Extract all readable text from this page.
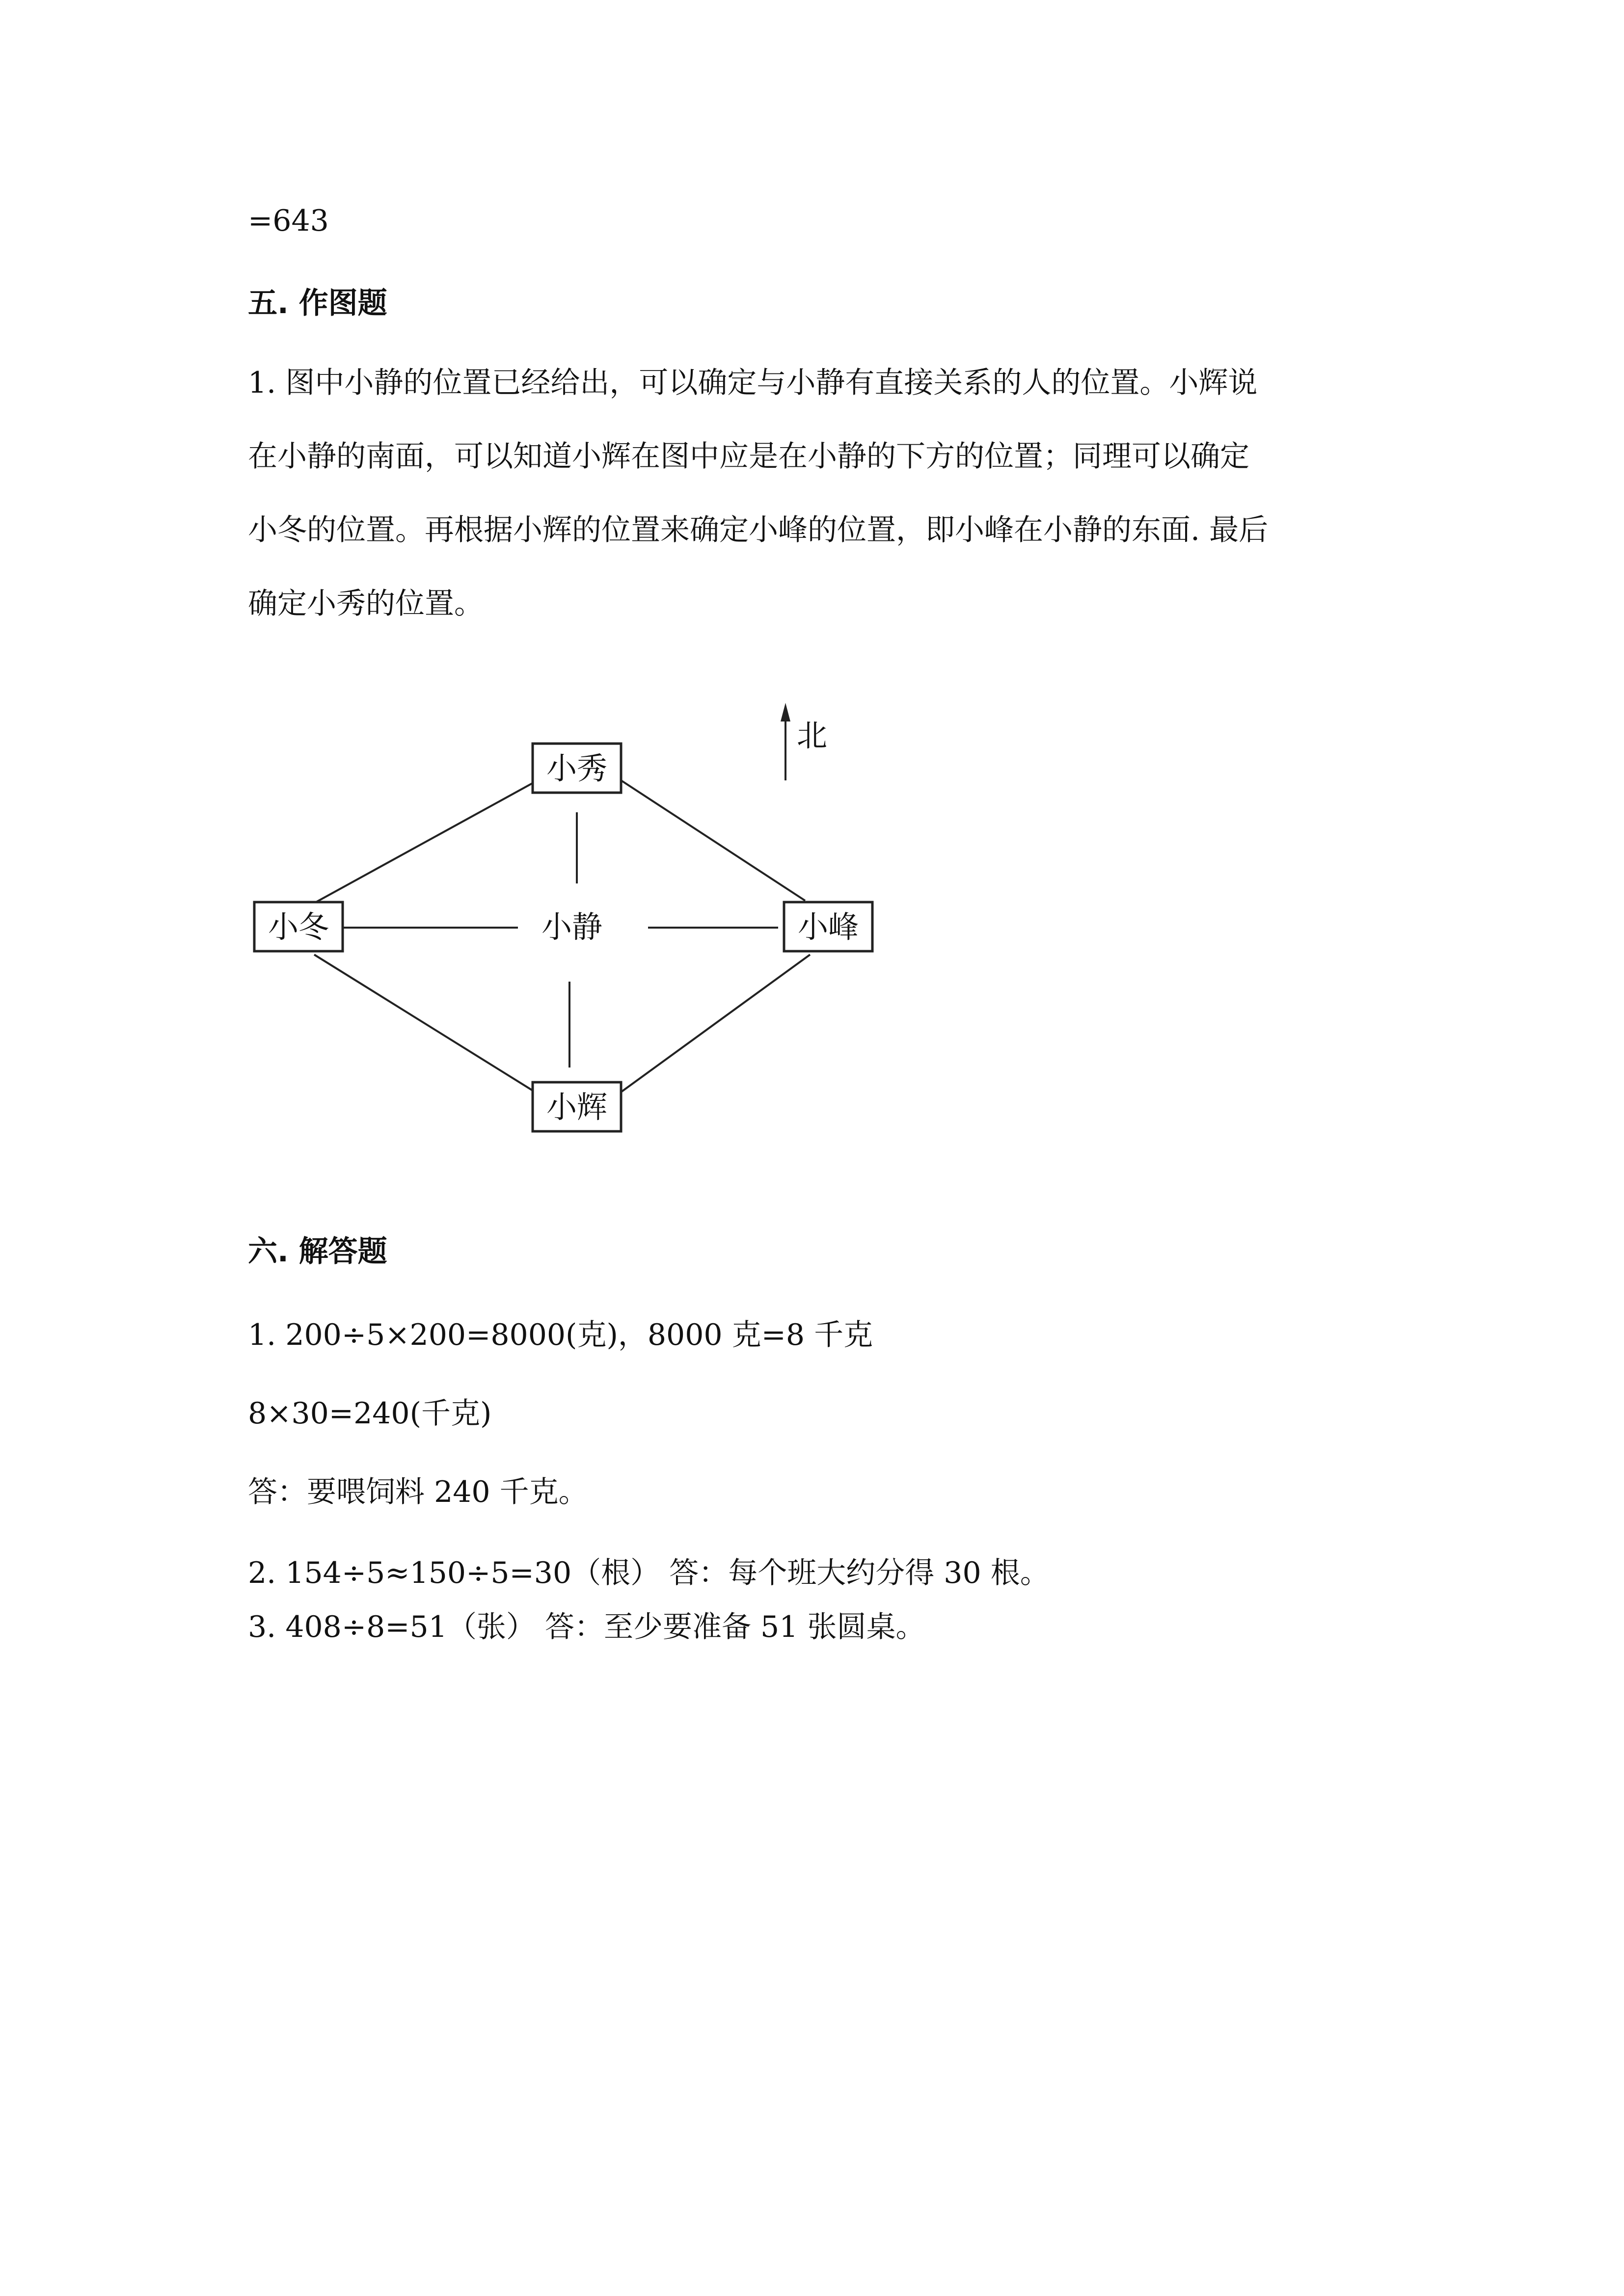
=643

五. 作图题

1. 图中小静的位置已经给出，可以确定与小静有直接关系的人的位置。小辉说

在小静的南面，可以知道小辉在图中应是在小静的下方的位置；同理可以确定

小冬的位置。再根据小辉的位置来确定小峰的位置，即小峰在小静的东面. 最后

确定小秀的位置。

北
小秀
小冬	小静	小峰
小辉

六. 解答题

1. 200÷5×200=8000(克)，8000 克=8 千克

8×30=240(千克)

答：要喂饲料 240 千克。

2. 154÷5≈150÷5=30（根） 答：每个班大约分得 30 根。

3. 408÷8=51（张） 答：至少要准备 51 张圆桌。
